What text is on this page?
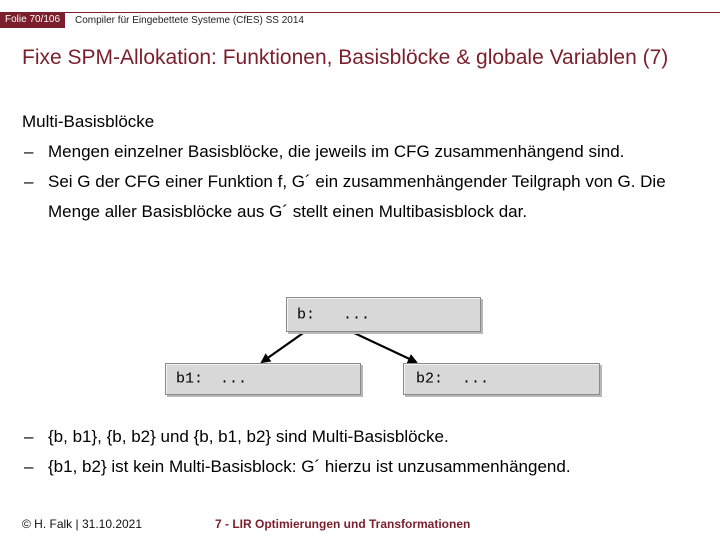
Folie 70/106	Compiler für Eingebettete Systeme (CfES) SS 2014
Fixe SPM-Allokation: Funktionen, Basisblöcke & globale Variablen (7)
Multi-Basisblöcke
– Mengen einzelner Basisblöcke, die jeweils im CFG zusammenhängend sind.
– Sei G der CFG einer Funktion f, G´ ein zusammenhängender Teilgraph von G. Die Menge aller Basisblöcke aus G´ stellt einen Multibasisblock dar.
b: ...
b1: ...	b2: ...
– {b, b1}, {b, b2} und {b, b1, b2} sind Multi-Basisblöcke.
– {b1, b2} ist kein Multi-Basisblock: G´ hierzu ist unzusammenhängend.
© H. Falk | 31.10.2021	7 - LIR Optimierungen und Transformationen
